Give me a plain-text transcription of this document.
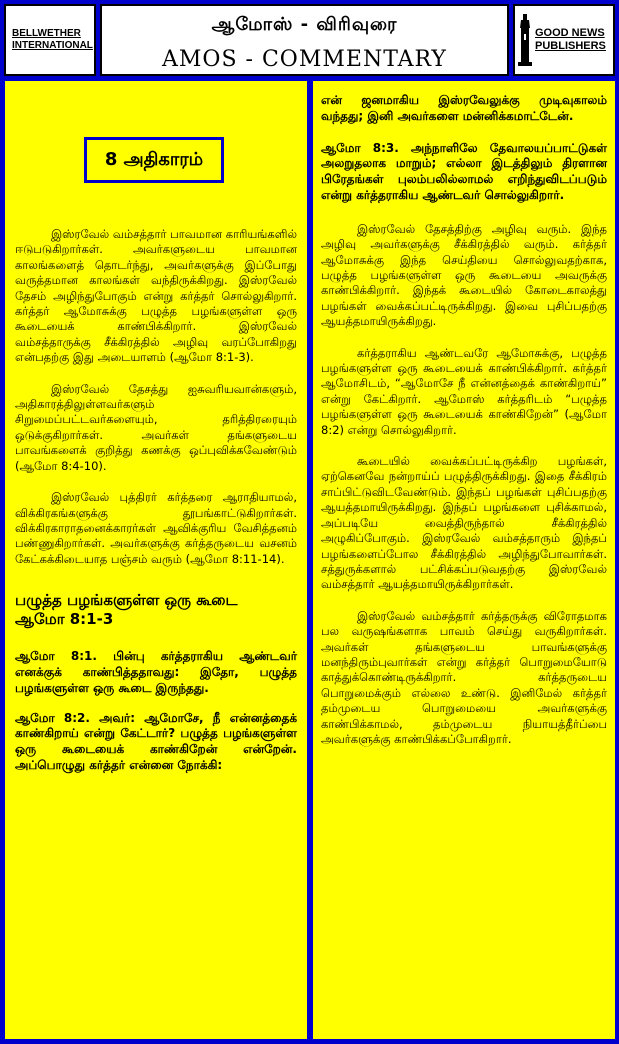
BELLWETHER
INTERNATIONAL
ஆமோஸ் - விரிவுரை
AMOS - COMMENTARY
GOOD NEWS
PUBLISHERS
8 அதிகாரம்

இஸ்ரவேல் வம்சத்தார் பாவமான காரியங்களில் ஈடுபடுகிறார்கள். அவர்களுடைய பாவமான காலங்களைத் தொடர்ந்து, அவர்களுக்கு இப்போது வருத்தமான காலங்கள் வந்திருக்கிறது. இஸ்ரவேல் தேசம் அழிந்துபோகும் என்று கர்த்தர் சொல்லுகிறார். கர்த்தர் ஆமோசுக்கு பழுத்த பழங்களுள்ள ஒரு கூடையைக் காண்பிக்கிறார். இஸ்ரவேல் வம்சத்தாருக்கு சீக்கிரத்தில் அழிவு வரப்போகிறது என்பதற்கு இது அடையாளம் (ஆமோ 8:1-3).

இஸ்ரவேல் தேசத்து ஐசுவரியவான்களும், அதிகாரத்திலுள்ளவர்களும் சிறுமைப்பட்டவர்களையும், தரித்திரரையும் ஒடுக்குகிறார்கள். அவர்கள் தங்களுடைய பாவங்களைக் குறித்து கணக்கு ஒப்புவிக்கவேண்டும் (ஆமோ 8:4-10).

இஸ்ரவேல் புத்திரர் கர்த்தரை ஆராதியாமல், விக்கிரகங்களுக்கு தூபங்காட்டுகிறார்கள். விக்கிரகாராதனைக்காரர்கள் ஆவிக்குரிய வேசித்தனம் பண்ணுகிறார்கள். அவர்களுக்கு கர்த்தருடைய வசனம் கேட்கக்கிடையாத பஞ்சம் வரும் (ஆமோ 8:11-14).

பழுத்த பழங்களுள்ள ஒரு கூடை

ஆமோ 8:1-3

ஆமோ 8:1. பின்பு கர்த்தராகிய ஆண்டவர் எனக்குக் காண்பித்ததாவது: இதோ, பழுத்த பழங்களுள்ள ஒரு கூடை இருந்தது.

ஆமோ 8:2. அவர்: ஆமோசே, நீ என்னத்தைக் காண்கிறாய் என்று கேட்டார்? பழுத்த பழங்களுள்ள ஒரு கூடையைக் காண்கிறேன் என்றேன். அப்பொழுது கர்த்தர் என்னை நோக்கி:

என் ஜனமாகிய இஸ்ரவேலுக்கு முடிவுகாலம் வந்தது; இனி அவர்களை மன்னிக்கமாட்டேன்.

ஆமோ 8:3. அந்நாளிலே தேவாலயப்பாட்டுகள் அலறுதலாக மாறும்; எல்லா இடத்திலும் திரளான பிரேதங்கள் புலம்பலில்லாமல் எறிந்துவிடப்படும் என்று கர்த்தராகிய ஆண்டவர் சொல்லுகிறார்.

இஸ்ரவேல் தேசத்திற்கு அழிவு வரும். இந்த அழிவு அவர்களுக்கு சீக்கிரத்தில் வரும். கர்த்தர் ஆமோசுக்கு இந்த செய்தியை சொல்லுவதற்காக, பழுத்த பழங்களுள்ள ஒரு கூடையை அவருக்கு காண்பிக்கிறார். இந்தக் கூடையில் கோடைகாலத்து பழங்கள் வைக்கப்பட்டிருக்கிறது. இவை புசிப்பதற்கு ஆயத்தமாயிருக்கிறது.

கர்த்தராகிய ஆண்டவரே ஆமோசுக்கு, பழுத்த பழங்களுள்ள ஒரு கூடையைக் காண்பிக்கிறார். கர்த்தர் ஆமோசிடம், “ஆமோசே நீ என்னத்தைக் காண்கிறாய்” என்று கேட்கிறார். ஆமோஸ் கர்த்தரிடம் “பழுத்த பழங்களுள்ள ஒரு கூடையைக் காண்கிறேன்” (ஆமோ 8:2) என்று சொல்லுகிறார்.

கூடையில் வைக்கப்பட்டிருக்கிற பழங்கள், ஏற்கெனவே நன்றாய்ப் பழுத்திருக்கிறது. இதை சீக்கிரம் சாப்பிட்டுவிடவேண்டும். இந்தப் பழங்கள் புசிப்பதற்கு ஆயத்தமாயிருக்கிறது. இந்தப் பழங்களை புசிக்காமல், அப்படியே வைத்திருந்தால் சீக்கிரத்தில் அழுகிப்போகும். இஸ்ரவேல் வம்சத்தாரும் இந்தப் பழங்களைப்போல சீக்கிரத்தில் அழிந்துபோவார்கள். சத்துருக்களால் பட்சிக்கப்படுவதற்கு இஸ்ரவேல் வம்சத்தார் ஆயத்தமாயிருக்கிறார்கள்.

இஸ்ரவேல் வம்சத்தார் கர்த்தருக்கு விரோதமாக பல வருஷங்களாக பாவம் செய்து வருகிறார்கள். அவர்கள் தங்களுடைய பாவங்களுக்கு மனந்திரும்புவார்கள் என்று கர்த்தர் பொறுமையோடு காத்துக்கொண்டிருக்கிறார். கர்த்தருடைய பொறுமைக்கும் எல்லை உண்டு. இனிமேல் கர்த்தர் தம்முடைய பொறுமையை அவர்களுக்கு காண்பிக்காமல், தம்முடைய நியாயத்தீர்ப்பை அவர்களுக்கு காண்பிக்கப்போகிறார்.
